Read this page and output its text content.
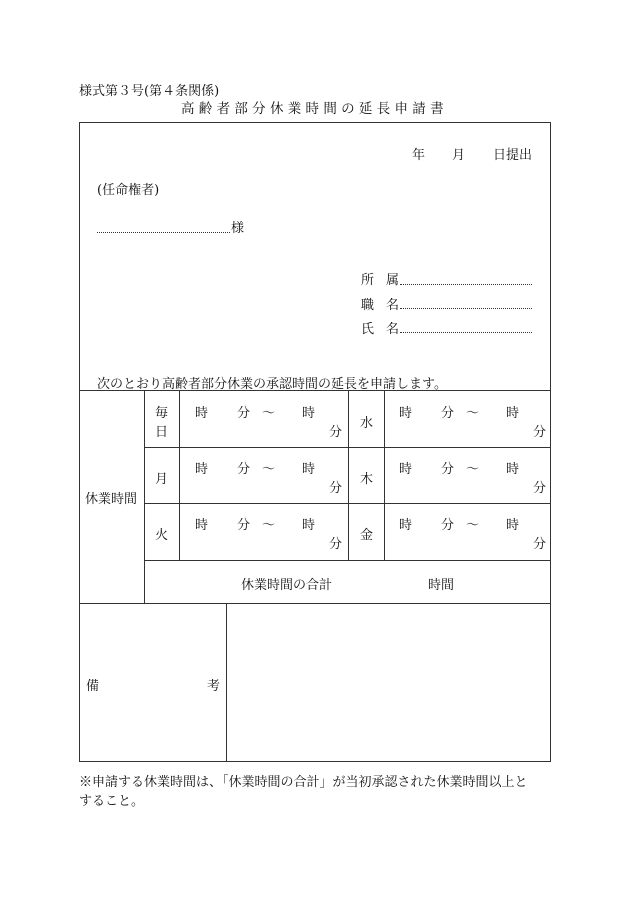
様式第３号(第４条関係)
高 齢 者 部 分 休 業 時 間 の 延 長 申 請 書
年 月 日提出
(任命権者)
様
所 属
職 名
氏 名
次のとおり高齢者部分休業の承認時間の延長を申請します。
休業時間
毎
日
月
火
水
木
金
時 分 ～ 時
分
時 分 ～ 時
分
時 分 ～ 時
分
時 分 ～ 時
分
時 分 ～ 時
分
時 分 ～ 時
分
休業時間の合計	時間
備	考
※申請する休業時間は、「休業時間の合計」が当初承認された休業時間以上と
すること。
